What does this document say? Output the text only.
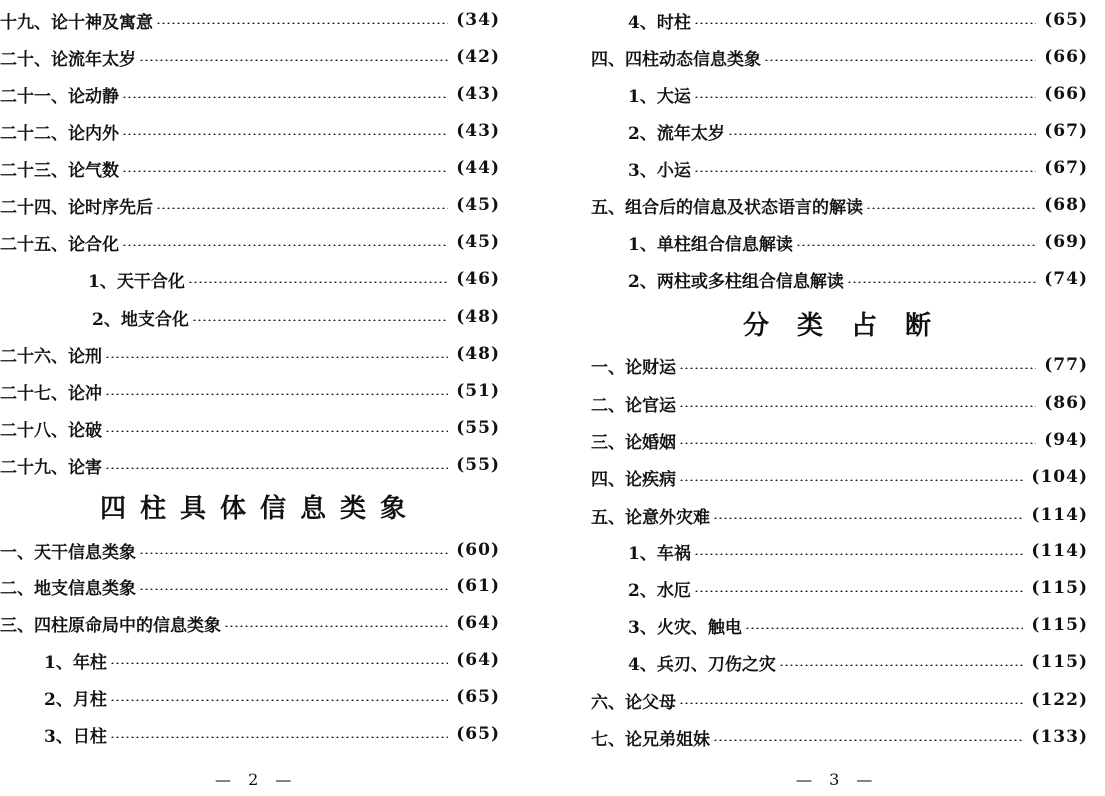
十九、论十神及寓意	(34)
二十、论流年太岁	(42)
二十一、论动静	(43)
二十二、论内外	(43)
二十三、论气数	(44)
二十四、论时序先后	(45)
二十五、论合化	(45)
1、天干合化	(46)
2、地支合化	(48)
二十六、论刑	(48)
二十七、论冲	(51)
二十八、论破	(55)
二十九、论害	(55)
四柱具体信息类象
一、天干信息类象	(60)
二、地支信息类象	(61)
三、四柱原命局中的信息类象	(64)
1、年柱	(64)
2、月柱	(65)
3、日柱	(65)
— 2 —
4、时柱	(65)
四、四柱动态信息类象	(66)
1、大运	(66)
2、流年太岁	(67)
3、小运	(67)
五、组合后的信息及状态语言的解读	(68)
1、单柱组合信息解读	(69)
2、两柱或多柱组合信息解读	(74)
分类占断
一、论财运	(77)
二、论官运	(86)
三、论婚姻	(94)
四、论疾病	(104)
五、论意外灾难	(114)
1、车祸	(114)
2、水厄	(115)
3、火灾、触电	(115)
4、兵刃、刀伤之灾	(115)
六、论父母	(122)
七、论兄弟姐妹	(133)
— 3 —
